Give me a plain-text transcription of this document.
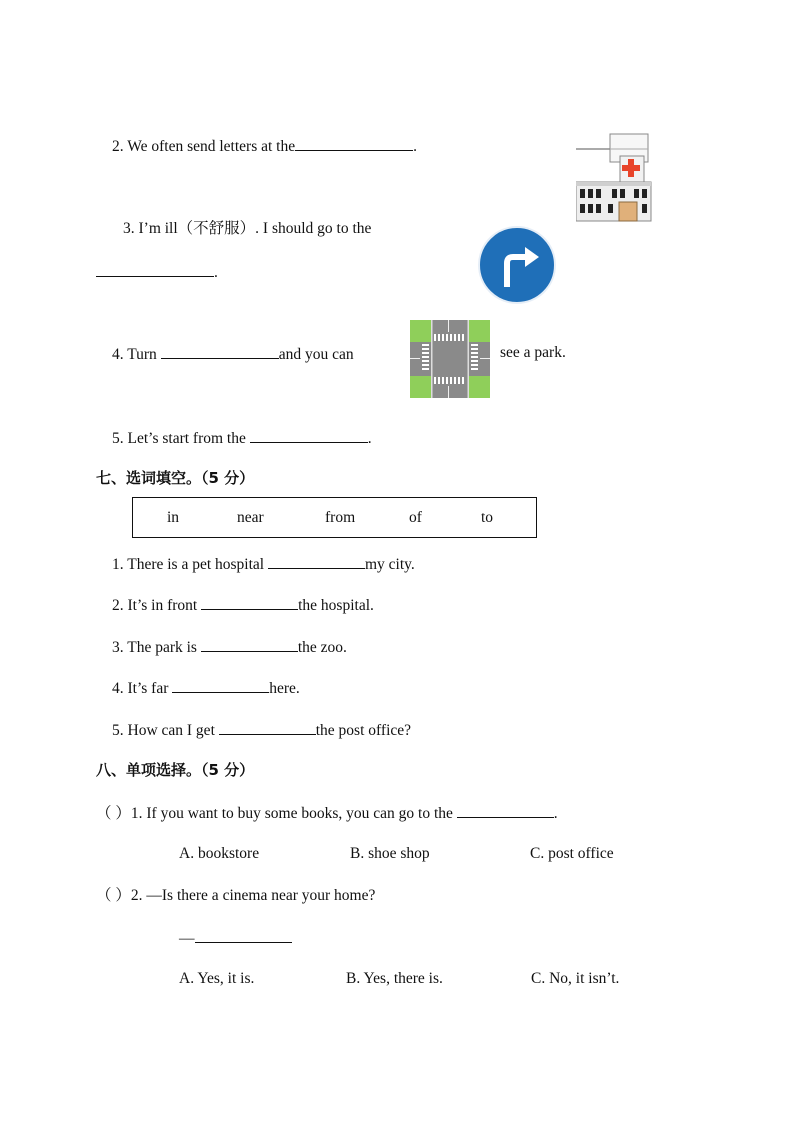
2. We often send letters at the	.
3. I’m ill（不舒服）. I should go to the
.
4. Turn	and you can	see a park.
5. Let’s start from the	.
七、选词填空。（5 分）
in	near	from	of	to
1. There is a pet hospital	my city.
2. It’s in front	the hospital.
3. The park is	the zoo.
4. It’s far	here.
5. How can I get	the post office?
八、单项选择。（5 分）
（ ）1. If you want to buy some books, you can go to the	.
A. bookstore	B. shoe shop	C. post office
（ ）2. —Is there a cinema near your home?
—
A. Yes, it is.	B. Yes, there is.	C. No, it isn’t.
